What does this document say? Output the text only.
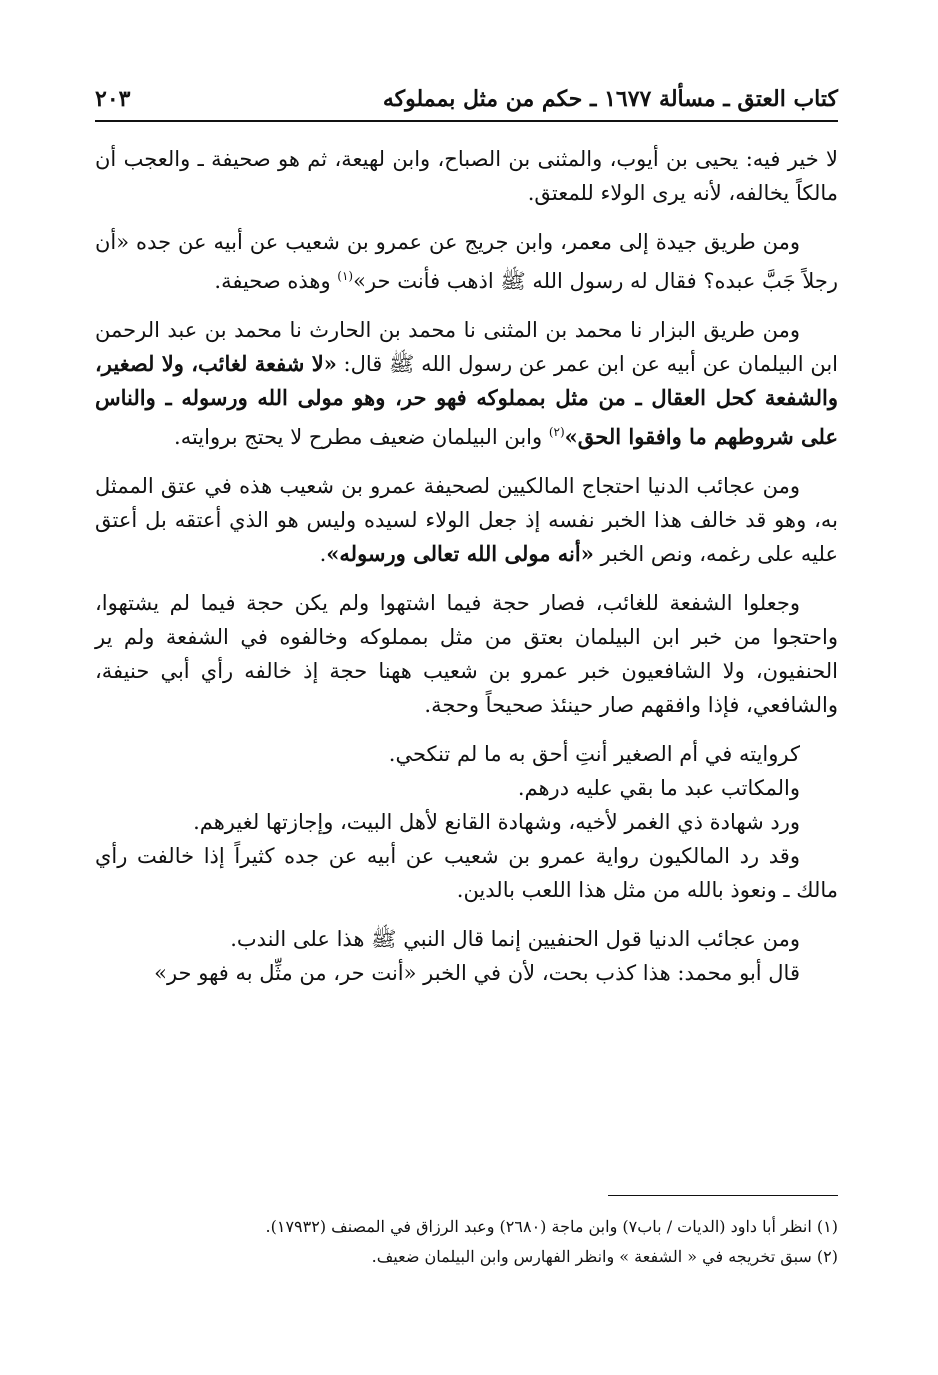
كتاب العتق ـ مسألة ١٦٧٧ ـ حكم من مثل بمملوكه
٢٠٣

لا خير فيه: يحيى بن أيوب، والمثنى بن الصباح، وابن لهيعة، ثم هو صحيفة ـ والعجب أن مالكاً يخالفه، لأنه يرى الولاء للمعتق.

ومن طريق جيدة إلى معمر، وابن جريج عن عمرو بن شعيب عن أبيه عن جده «أن رجلاً جَبَّ عبده؟ فقال له رسول الله ﷺ اذهب فأنت حر»$^{(١)}$ وهذه صحيفة.

ومن طريق البزار نا محمد بن المثنى نا محمد بن الحارث نا محمد بن عبد الرحمن ابن البيلمان عن أبيه عن ابن عمر عن رسول الله ﷺ قال: «لا شفعة لغائب، ولا لصغير، والشفعة كحل العقال ـ من مثل بمملوكه فهو حر، وهو مولى الله ورسوله ـ والناس على شروطهم ما وافقوا الحق»$^{(٢)}$ وابن البيلمان ضعيف مطرح لا يحتج بروايته.

ومن عجائب الدنيا احتجاج المالكيين لصحيفة عمرو بن شعيب هذه في عتق الممثل به، وهو قد خالف هذا الخبر نفسه إذ جعل الولاء لسيده وليس هو الذي أعتقه بل أعتق عليه على رغمه، ونص الخبر «أنه مولى الله تعالى ورسوله».

وجعلوا الشفعة للغائب، فصار حجة فيما اشتهوا ولم يكن حجة فيما لم يشتهوا، واحتجوا من خبر ابن البيلمان بعتق من مثل بمملوكه وخالفوه في الشفعة ولم ير الحنفيون، ولا الشافعيون خبر عمرو بن شعيب ههنا حجة إذ خالفه رأي أبي حنيفة، والشافعي، فإذا وافقهم صار حينئذ صحيحاً وحجة.

كروايته في أم الصغير أنتِ أحق به ما لم تنكحي.

والمكاتب عبد ما بقي عليه درهم.

ورد شهادة ذي الغمر لأخيه، وشهادة القانع لأهل البيت، وإجازتها لغيرهم.

وقد رد المالكيون رواية عمرو بن شعيب عن أبيه عن جده كثيراً إذا خالفت رأي مالك ـ ونعوذ بالله من مثل هذا اللعب بالدين.

ومن عجائب الدنيا قول الحنفيين إنما قال النبي ﷺ هذا على الندب.

قال أبو محمد: هذا كذب بحت، لأن في الخبر «أنت حر، من مثِّل به فهو حر»

(١) انظر أبا داود (الديات / باب٧) وابن ماجة (٢٦٨٠) وعبد الرزاق في المصنف (١٧٩٣٢).

(٢) سبق تخريجه في « الشفعة » وانظر الفهارس وابن البيلمان ضعيف.
